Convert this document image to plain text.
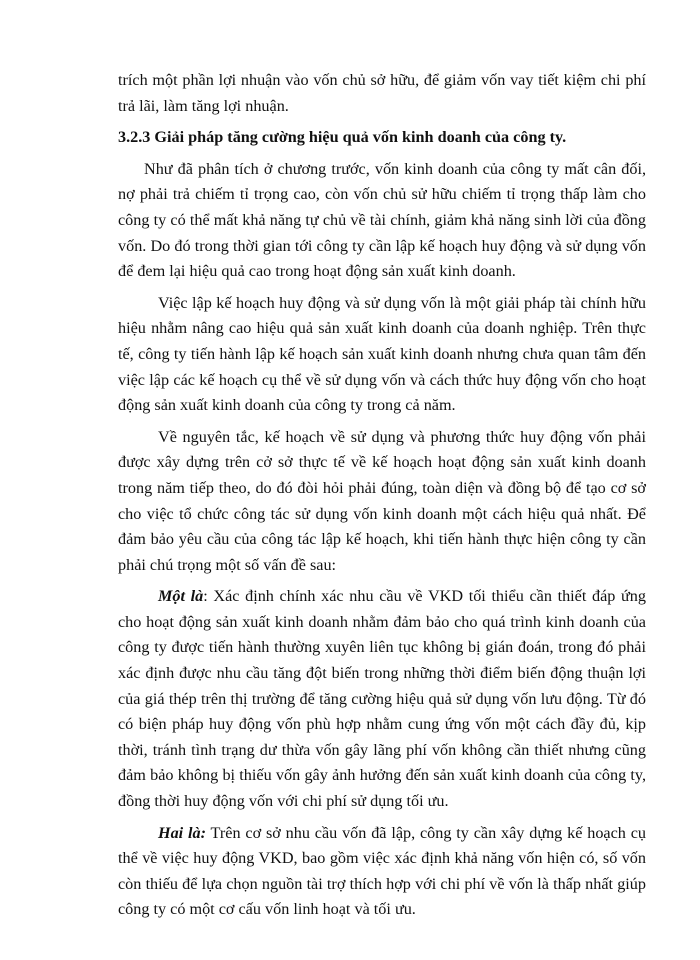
trích một phần lợi nhuận vào vốn chủ sở hữu, để giảm vốn vay tiết kiệm chi phí trả lãi, làm tăng lợi nhuận.

3.2.3 Giải pháp tăng cường hiệu quả vốn kinh doanh của công ty.

Như đã phân tích ở chương trước, vốn kinh doanh của công ty mất cân đối, nợ phải trả chiếm tỉ trọng cao, còn vốn chủ sử hữu chiếm tỉ trọng thấp làm cho công ty có thể mất khả năng tự chủ về tài chính, giảm khả năng sinh lời của đồng vốn. Do đó trong thời gian tới công ty cần lập kế hoạch huy động và sử dụng vốn để đem lại hiệu quả cao trong hoạt động sản xuất kinh doanh.

Việc lập kế hoạch huy động và sử dụng vốn là một giải pháp tài chính hữu hiệu nhằm nâng cao hiệu quả sản xuất kinh doanh của doanh nghiệp. Trên thực tế, công ty tiến hành lập kế hoạch sản xuất kinh doanh nhưng chưa quan tâm đến việc lập các kế hoạch cụ thể về sử dụng vốn và cách thức huy động vốn cho hoạt động sản xuất kinh doanh của công ty trong cả năm.

Về nguyên tắc, kế hoạch về sử dụng và phương thức huy động vốn phải được xây dựng trên cở sở thực tế về kế hoạch hoạt động sản xuất kinh doanh trong năm tiếp theo, do đó đòi hỏi phải đúng, toàn diện và đồng bộ để tạo cơ sở cho việc tổ chức công tác sử dụng vốn kinh doanh một cách hiệu quả nhất. Để đảm bảo yêu cầu của công tác lập kế hoạch, khi tiến hành thực hiện công ty cần phải chú trọng một số vấn đề sau:

Một là: Xác định chính xác nhu cầu về VKD tối thiểu cần thiết đáp ứng cho hoạt động sản xuất kinh doanh nhằm đảm bảo cho quá trình kinh doanh của công ty được tiến hành thường xuyên liên tục không bị gián đoán, trong đó phải xác định được nhu cầu tăng đột biến trong những thời điểm biến động thuận lợi của giá thép trên thị trường để tăng cường hiệu quả sử dụng vốn lưu động. Từ đó có biện pháp huy động vốn phù hợp nhằm cung ứng vốn một cách đầy đủ, kịp thời, tránh tình trạng dư thừa vốn gây lãng phí vốn không cần thiết nhưng cũng đảm bảo không bị thiếu vốn gây ảnh hưởng đến sản xuất kinh doanh của công ty, đồng thời huy động vốn với chi phí sử dụng tối ưu.

Hai là: Trên cơ sở nhu cầu vốn đã lập, công ty cần xây dựng kế hoạch cụ thể về việc huy động VKD, bao gồm việc xác định khả năng vốn hiện có, số vốn còn thiếu để lựa chọn nguồn tài trợ thích hợp với chi phí về vốn là thấp nhất giúp công ty có một cơ cấu vốn linh hoạt và tối ưu.
